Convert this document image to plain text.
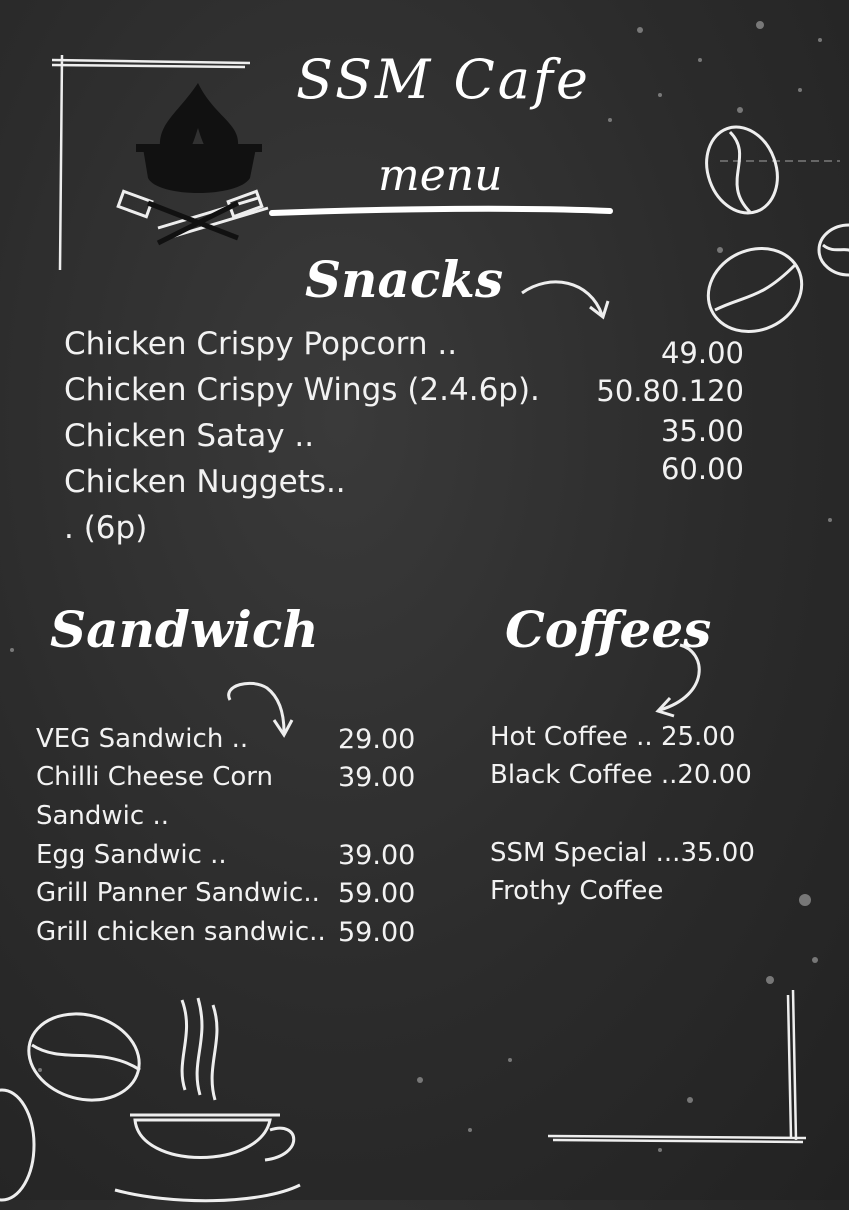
SSM Cafe
menu
Snacks
Chicken Crispy Popcorn ..
Chicken Crispy Wings (2.4.6p).
Chicken Satay ..
Chicken Nuggets..
. (6p)
49.00
50.80.120
35.00
60.00
Sandwich
VEG Sandwich ..
Chilli Cheese Corn
Sandwic ..
Egg Sandwic ..
Grill Panner Sandwic..
Grill chicken sandwic..
29.00
39.00
39.00
59.00
59.00
Coffees
Hot Coffee .. 25.00
Black Coffee ..20.00
SSM Special ...35.00
Frothy Coffee
